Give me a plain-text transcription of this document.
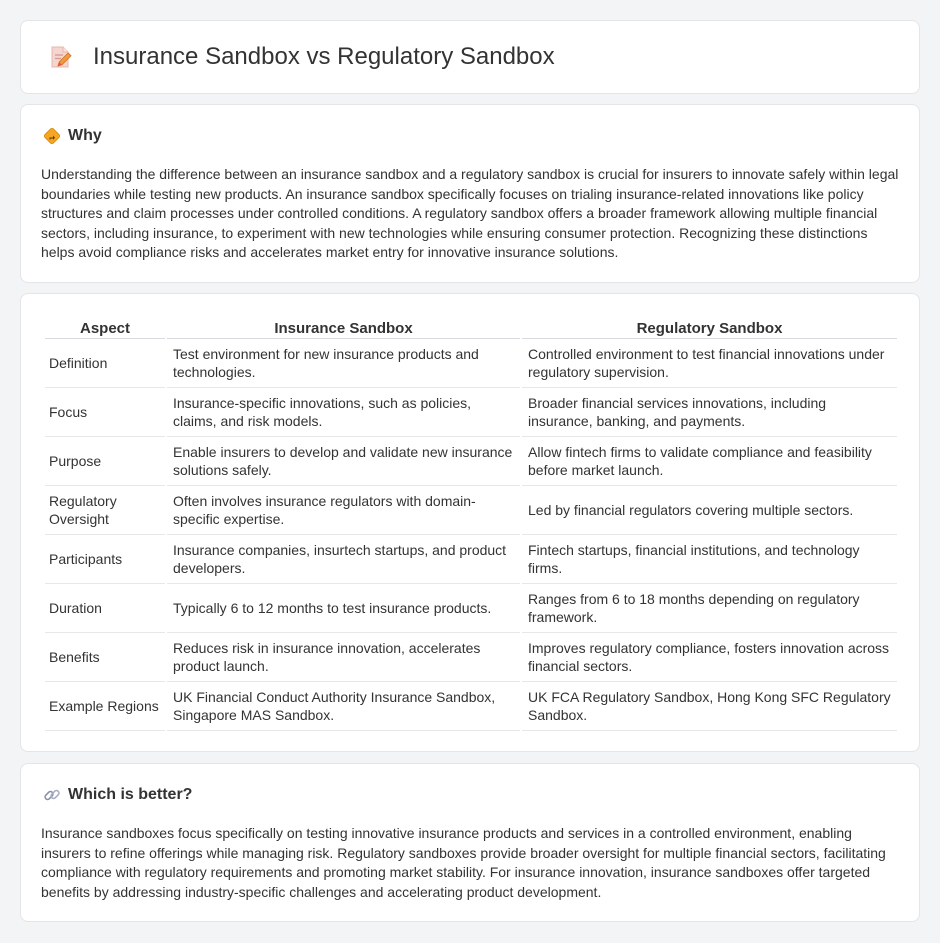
Insurance Sandbox vs Regulatory Sandbox
Why

Understanding the difference between an insurance sandbox and a regulatory sandbox is crucial for insurers to innovate safely within legal boundaries while testing new products. An insurance sandbox specifically focuses on trialing insurance-related innovations like policy structures and claim processes under controlled conditions. A regulatory sandbox offers a broader framework allowing multiple financial sectors, including insurance, to experiment with new technologies while ensuring consumer protection. Recognizing these distinctions helps avoid compliance risks and accelerates market entry for innovative insurance solutions.

Aspect	Insurance Sandbox	Regulatory Sandbox
Definition	Test environment for new insurance products and technologies.	Controlled environment to test financial innovations under regulatory supervision.
Focus	Insurance-specific innovations, such as policies, claims, and risk models.	Broader financial services innovations, including insurance, banking, and payments.
Purpose	Enable insurers to develop and validate new insurance solutions safely.	Allow fintech firms to validate compliance and feasibility before market launch.
Regulatory Oversight	Often involves insurance regulators with domain-specific expertise.	Led by financial regulators covering multiple sectors.
Participants	Insurance companies, insurtech startups, and product developers.	Fintech startups, financial institutions, and technology firms.
Duration	Typically 6 to 12 months to test insurance products.	Ranges from 6 to 18 months depending on regulatory framework.
Benefits	Reduces risk in insurance innovation, accelerates product launch.	Improves regulatory compliance, fosters innovation across financial sectors.
Example Regions	UK Financial Conduct Authority Insurance Sandbox, Singapore MAS Sandbox.	UK FCA Regulatory Sandbox, Hong Kong SFC Regulatory Sandbox.
Which is better?

Insurance sandboxes focus specifically on testing innovative insurance products and services in a controlled environment, enabling insurers to refine offerings while managing risk. Regulatory sandboxes provide broader oversight for multiple financial sectors, facilitating compliance with regulatory requirements and promoting market stability. For insurance innovation, insurance sandboxes offer targeted benefits by addressing industry-specific challenges and accelerating product development.
